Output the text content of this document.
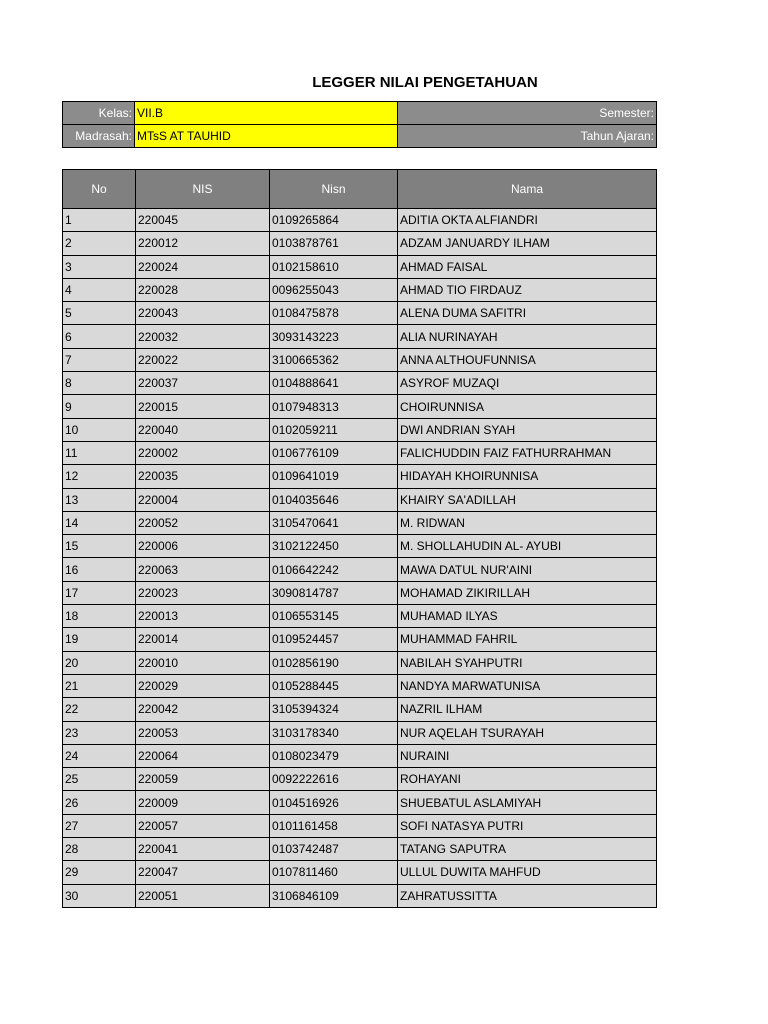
LEGGER NILAI PENGETAHUAN
Kelas:	VII.B	Semester:
Madrasah:	MTsS AT TAUHID	Tahun Ajaran:
No	NIS	Nisn	Nama
1	220045	0109265864	ADITIA OKTA ALFIANDRI
2	220012	0103878761	ADZAM JANUARDY ILHAM
3	220024	0102158610	AHMAD FAISAL
4	220028	0096255043	AHMAD TIO FIRDAUZ
5	220043	0108475878	ALENA DUMA SAFITRI
6	220032	3093143223	ALIA NURINAYAH
7	220022	3100665362	ANNA ALTHOUFUNNISA
8	220037	0104888641	ASYROF MUZAQI
9	220015	0107948313	CHOIRUNNISA
10	220040	0102059211	DWI ANDRIAN SYAH
11	220002	0106776109	FALICHUDDIN FAIZ FATHURRAHMAN
12	220035	0109641019	HIDAYAH KHOIRUNNISA
13	220004	0104035646	KHAIRY SA'ADILLAH
14	220052	3105470641	M. RIDWAN
15	220006	3102122450	M. SHOLLAHUDIN AL- AYUBI
16	220063	0106642242	MAWA DATUL NUR'AINI
17	220023	3090814787	MOHAMAD ZIKIRILLAH
18	220013	0106553145	MUHAMAD ILYAS
19	220014	0109524457	MUHAMMAD FAHRIL
20	220010	0102856190	NABILAH SYAHPUTRI
21	220029	0105288445	NANDYA MARWATUNISA
22	220042	3105394324	NAZRIL ILHAM
23	220053	3103178340	NUR AQELAH TSURAYAH
24	220064	0108023479	NURAINI
25	220059	0092222616	ROHAYANI
26	220009	0104516926	SHUEBATUL ASLAMIYAH
27	220057	0101161458	SOFI NATASYA PUTRI
28	220041	0103742487	TATANG SAPUTRA
29	220047	0107811460	ULLUL DUWITA MAHFUD
30	220051	3106846109	ZAHRATUSSITTA
